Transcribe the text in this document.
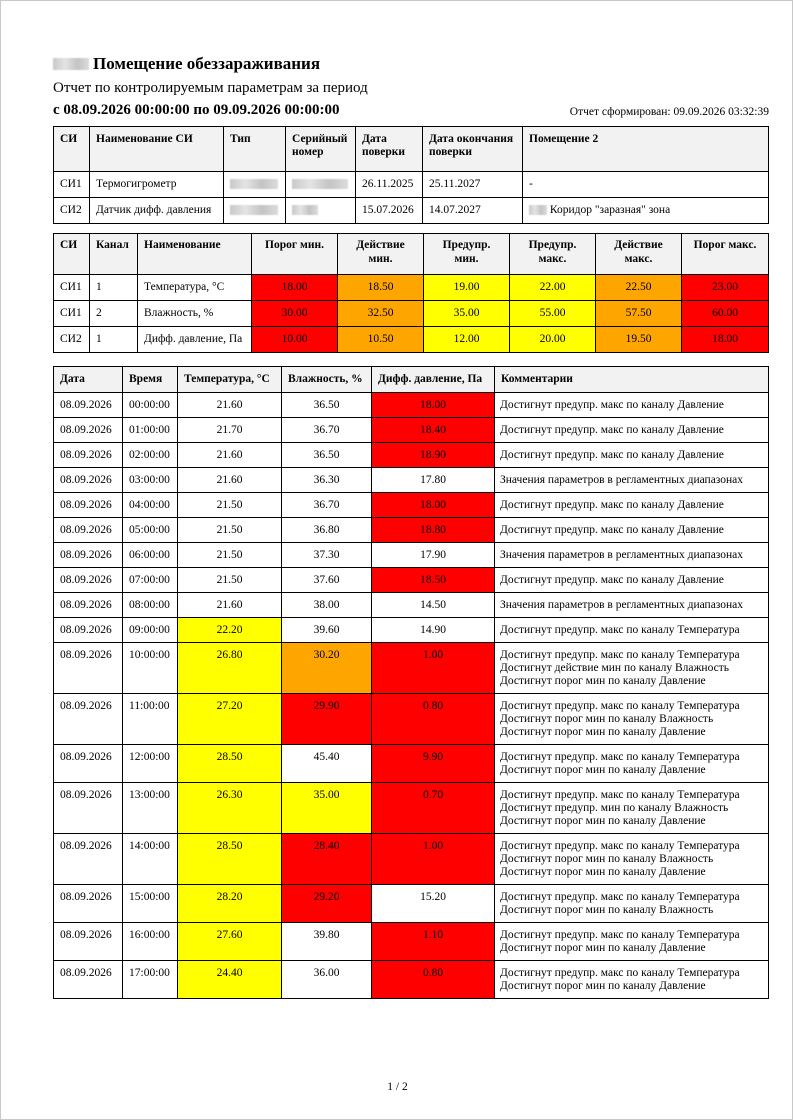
Помещение обеззараживания
Отчет по контролируемым параметрам за период
с 08.09.2026 00:00:00 по 09.09.2026 00:00:00	Отчет сформирован: 09.09.2026 03:32:39
СИ	Наименование СИ	Тип	Серийный номер	Дата поверки	Дата окончания поверки	Помещение 2
СИ1	Термогигрометр			26.11.2025	25.11.2027	-
СИ2	Датчик дифф. давления			15.07.2026	14.07.2027	Коридор "заразная" зона
СИ	Канал	Наименование	Порог мин.	Действие мин.	Предупр. мин.	Предупр. макс.	Действие макс.	Порог макс.
СИ1	1	Температура, °C	18.00	18.50	19.00	22.00	22.50	23.00
СИ1	2	Влажность, %	30.00	32.50	35.00	55.00	57.50	60.00
СИ2	1	Дифф. давление, Па	10.00	10.50	12.00	20.00	19.50	18.00
Дата	Время	Температура, °C	Влажность, %	Дифф. давление, Па	Комментарии
08.09.2026	00:00:00	21.60	36.50	18.00	Достигнут предупр. макс по каналу Давление

08.09.2026	01:00:00	21.70	36.70	18.40	Достигнут предупр. макс по каналу Давление

08.09.2026	02:00:00	21.60	36.50	18.90	Достигнут предупр. макс по каналу Давление

08.09.2026	03:00:00	21.60	36.30	17.80	Значения параметров в регламентных диапазонах

08.09.2026	04:00:00	21.50	36.70	18.00	Достигнут предупр. макс по каналу Давление

08.09.2026	05:00:00	21.50	36.80	18.80	Достигнут предупр. макс по каналу Давление

08.09.2026	06:00:00	21.50	37.30	17.90	Значения параметров в регламентных диапазонах

08.09.2026	07:00:00	21.50	37.60	18.50	Достигнут предупр. макс по каналу Давление

08.09.2026	08:00:00	21.60	38.00	14.50	Значения параметров в регламентных диапазонах

08.09.2026	09:00:00	22.20	39.60	14.90	Достигнут предупр. макс по каналу Температура

08.09.2026	10:00:00	26.80	30.20	1.00	Достигнут предупр. макс по каналу Температура
Достигнут действие мин по каналу Влажность
Достигнут порог мин по каналу Давление

08.09.2026	11:00:00	27.20	29.90	0.80	Достигнут предупр. макс по каналу Температура
Достигнут порог мин по каналу Влажность
Достигнут порог мин по каналу Давление

08.09.2026	12:00:00	28.50	45.40	9.90	Достигнут предупр. макс по каналу Температура
Достигнут порог мин по каналу Давление

08.09.2026	13:00:00	26.30	35.00	0.70	Достигнут предупр. макс по каналу Температура
Достигнут предупр. мин по каналу Влажность
Достигнут порог мин по каналу Давление

08.09.2026	14:00:00	28.50	28.40	1.00	Достигнут предупр. макс по каналу Температура
Достигнут порог мин по каналу Влажность
Достигнут порог мин по каналу Давление

08.09.2026	15:00:00	28.20	29.20	15.20	Достигнут предупр. макс по каналу Температура
Достигнут порог мин по каналу Влажность

08.09.2026	16:00:00	27.60	39.80	1.10	Достигнут предупр. макс по каналу Температура
Достигнут порог мин по каналу Давление

08.09.2026	17:00:00	24.40	36.00	0.80	Достигнут предупр. макс по каналу Температура
Достигнут порог мин по каналу Давление
1 / 2
